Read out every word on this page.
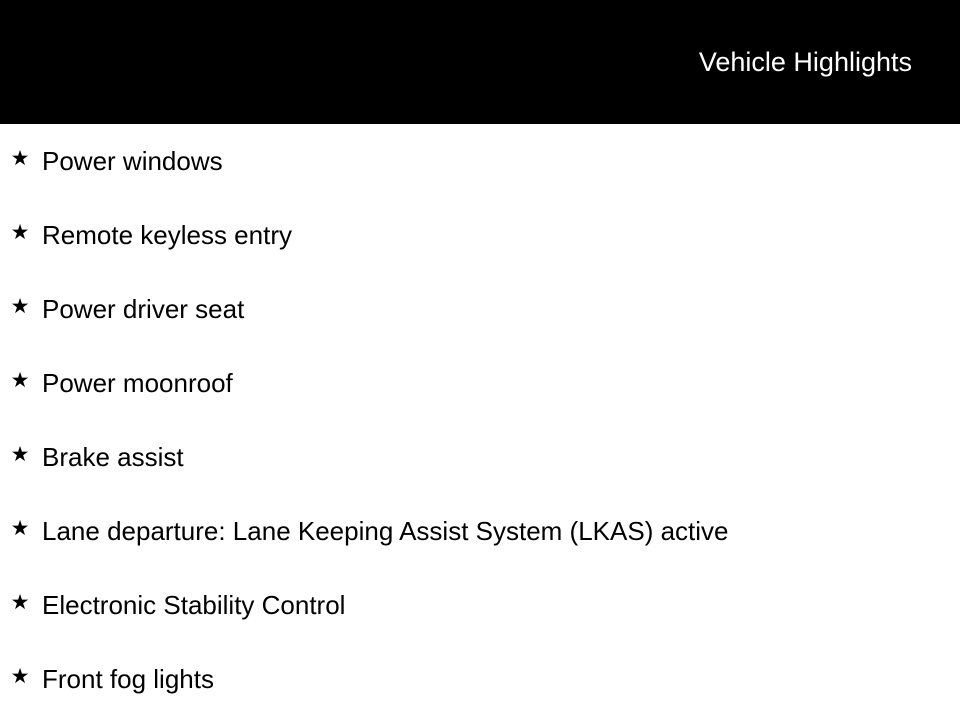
Vehicle Highlights
★ Power windows
★ Remote keyless entry
★ Power driver seat
★ Power moonroof
★ Brake assist
★ Lane departure: Lane Keeping Assist System (LKAS) active
★ Electronic Stability Control
★ Front fog lights
